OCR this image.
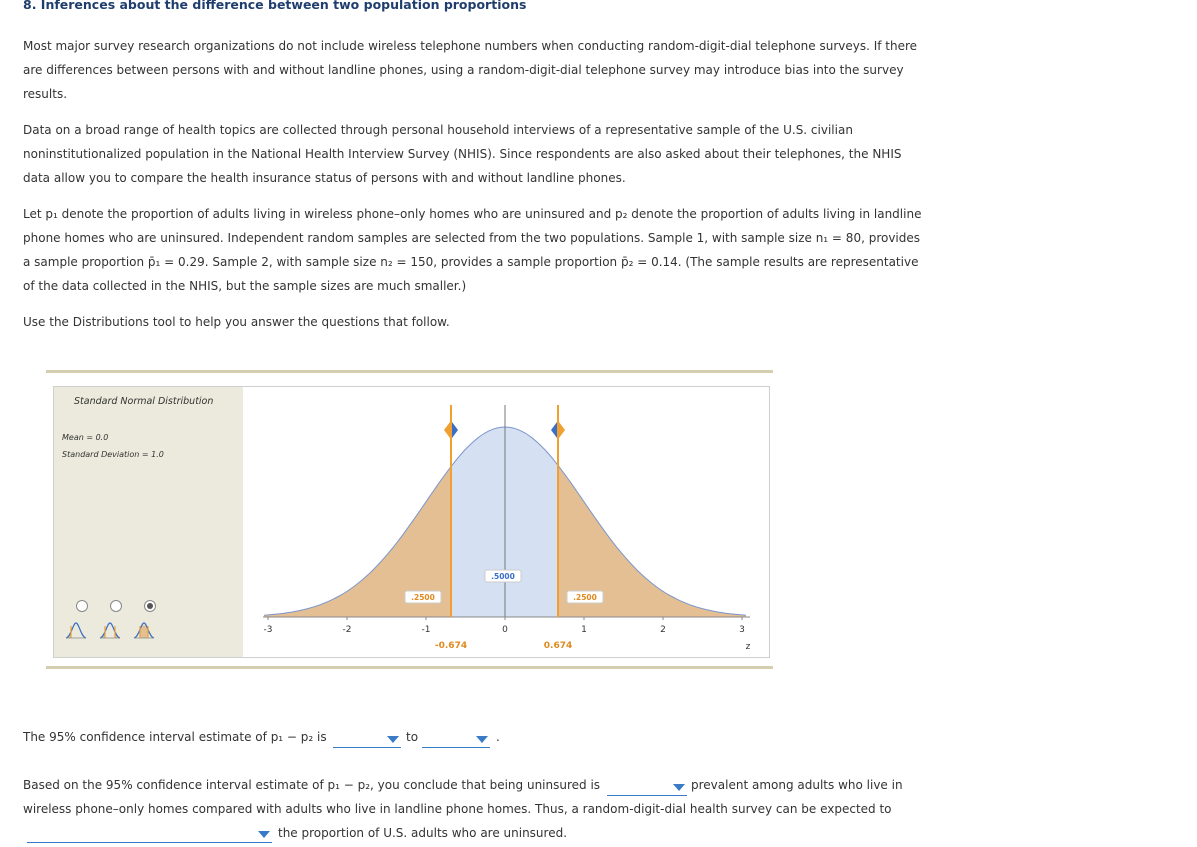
8. Inferences about the difference between two population proportions
Most major survey research organizations do not include wireless telephone numbers when conducting random-digit-dial telephone surveys. If there
are differences between persons with and without landline phones, using a random-digit-dial telephone survey may introduce bias into the survey
results.
Data on a broad range of health topics are collected through personal household interviews of a representative sample of the U.S. civilian
noninstitutionalized population in the National Health Interview Survey (NHIS). Since respondents are also asked about their telephones, the NHIS
data allow you to compare the health insurance status of persons with and without landline phones.
Let p₁ denote the proportion of adults living in wireless phone–only homes who are uninsured and p₂ denote the proportion of adults living in landline
phone homes who are uninsured. Independent random samples are selected from the two populations. Sample 1, with sample size n₁ = 80, provides
a sample proportion p̄₁ = 0.29. Sample 2, with sample size n₂ = 150, provides a sample proportion p̄₂ = 0.14. (The sample results are representative
of the data collected in the NHIS, but the sample sizes are much smaller.)
Use the Distributions tool to help you answer the questions that follow.
Standard Normal Distribution
Mean = 0.0
Standard Deviation = 1.0
-3	-2	-1	0	1	2	3
z
.5000
.2500	.2500
-0.674	0.674
The 95% confidence interval estimate of p₁ − p₂ is	to	.
Based on the 95% confidence interval estimate of p₁ − p₂, you conclude that being uninsured is	prevalent among adults who live in
wireless phone–only homes compared with adults who live in landline phone homes. Thus, a random-digit-dial health survey can be expected to
the proportion of U.S. adults who are uninsured.
